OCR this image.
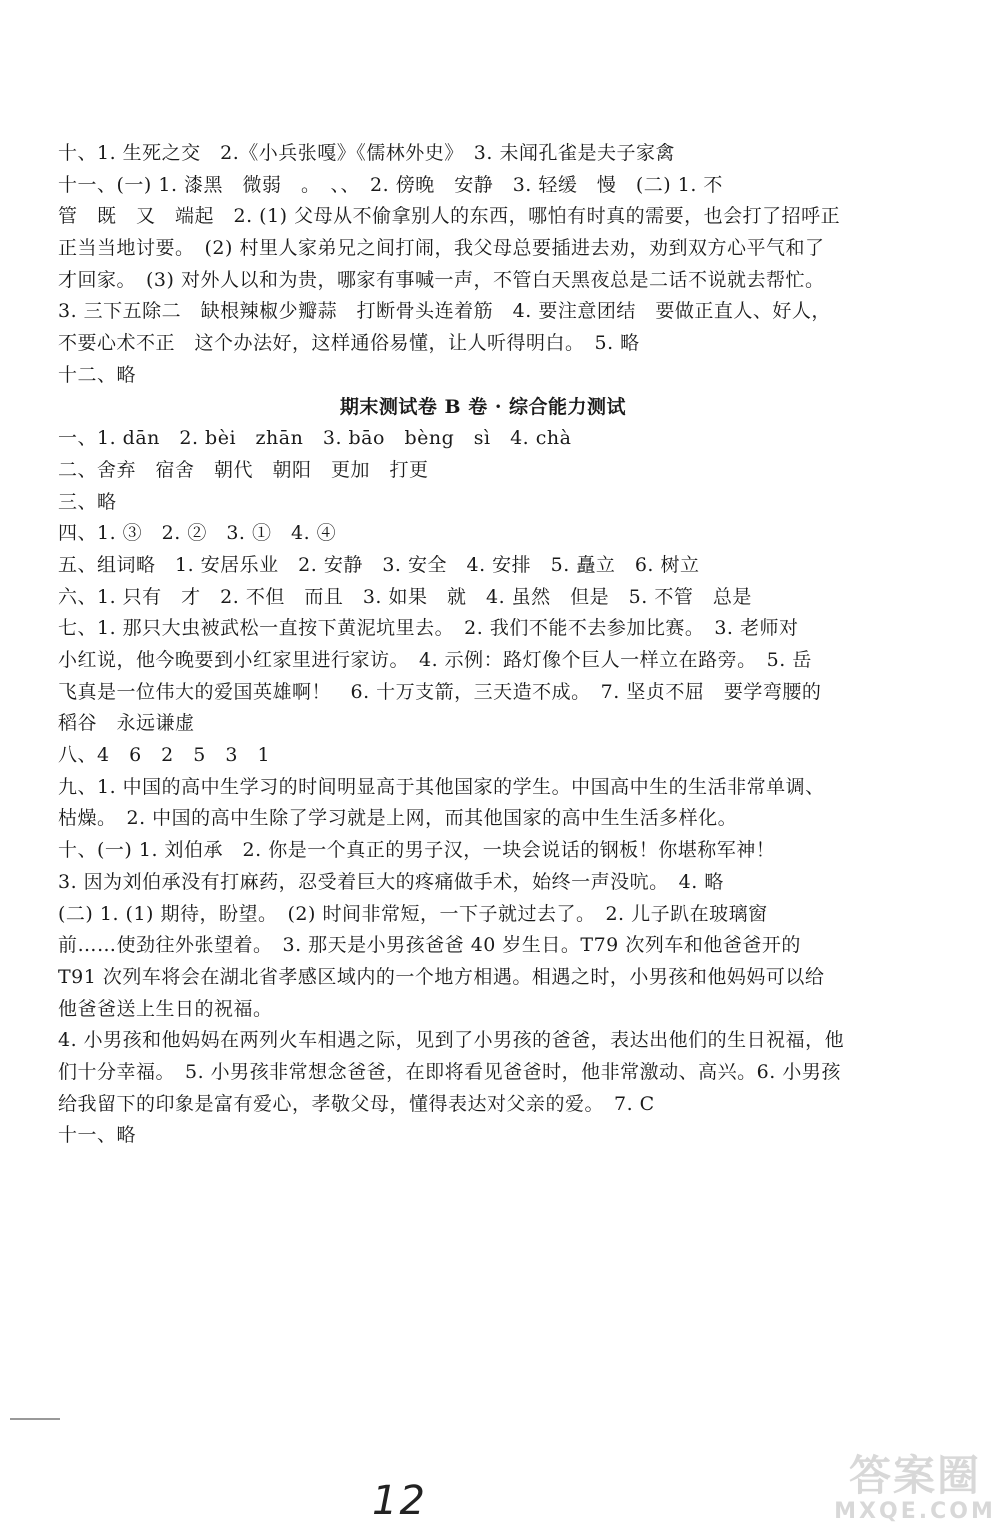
十、1. 生死之交　2.《小兵张嘎》《儒林外史》　3. 未闻孔雀是夫子家禽
十一、(一) 1. 漆黑　微弱　。　、、　2. 傍晚　安静　3. 轻缓　慢　(二) 1. 不
管　既　又　端起　2. (1) 父母从不偷拿别人的东西，哪怕有时真的需要，也会打了招呼正
正当当地讨要。　(2) 村里人家弟兄之间打闹，我父母总要插进去劝，劝到双方心平气和了
才回家。　(3) 对外人以和为贵，哪家有事喊一声，不管白天黑夜总是二话不说就去帮忙。
3. 三下五除二　缺根辣椒少瓣蒜　打断骨头连着筋　4. 要注意团结　要做正直人、好人，
不要心术不正　这个办法好，这样通俗易懂，让人听得明白。　5. 略
十二、略
期末测试卷 B 卷 · 综合能力测试
一、1. dān　2. bèi　zhān　3. bāo　bèng　sì　4. chà
二、舍弃　宿舍　朝代　朝阳　更加　打更
三、略
四、1. ③　2. ②　3. ①　4. ④
五、组词略　1. 安居乐业　2. 安静　3. 安全　4. 安排　5. 矗立　6. 树立
六、1. 只有　才　2. 不但　而且　3. 如果　就　4. 虽然　但是　5. 不管　总是
七、1. 那只大虫被武松一直按下黄泥坑里去。　2. 我们不能不去参加比赛。　3. 老师对
小红说，他今晚要到小红家里进行家访。　4. 示例：路灯像个巨人一样立在路旁。　5. 岳
飞真是一位伟大的爱国英雄啊！　6. 十万支箭，三天造不成。　7. 坚贞不屈　要学弯腰的
稻谷　永远谦虚
八、4　6　2　5　3　1
九、1. 中国的高中生学习的时间明显高于其他国家的学生。中国高中生的生活非常单调、
枯燥。　2. 中国的高中生除了学习就是上网，而其他国家的高中生生活多样化。
十、(一) 1. 刘伯承　2. 你是一个真正的男子汉，一块会说话的钢板！你堪称军神！
3. 因为刘伯承没有打麻药，忍受着巨大的疼痛做手术，始终一声没吭。　4. 略
(二) 1. (1) 期待，盼望。　(2) 时间非常短，一下子就过去了。　2. 儿子趴在玻璃窗
前……使劲往外张望着。　3. 那天是小男孩爸爸 40 岁生日。T79 次列车和他爸爸开的
T91 次列车将会在湖北省孝感区域内的一个地方相遇。相遇之时，小男孩和他妈妈可以给
他爸爸送上生日的祝福。
4. 小男孩和他妈妈在两列火车相遇之际，见到了小男孩的爸爸，表达出他们的生日祝福，他
们十分幸福。　5. 小男孩非常想念爸爸，在即将看见爸爸时，他非常激动、高兴。6. 小男孩
给我留下的印象是富有爱心，孝敬父母，懂得表达对父亲的爱。　7. C
十一、略
12
答案圈
MXQE.COM
